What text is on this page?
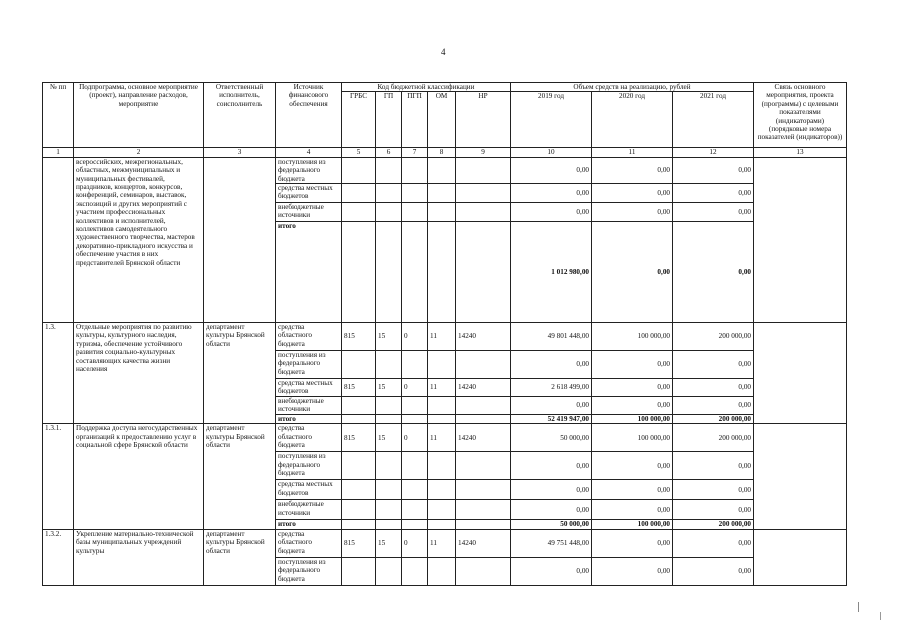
4
№ пп	Подпрограмма, основное мероприятие (проект), направление расходов, мероприятие	Ответственный исполнитель, соисполнитель	Источник финансового обеспечения	Код бюджетной классификации					Объем средств на реализацию, рублей			Связь основного мероприятия, проекта (программы) с целевыми показателями (индикаторами) (порядковые номера показателей (индикаторов))
				ГРБС	ГП	ПГП	ОМ	НР	2019 год	2020 год	2021 год	
1	2	3	4	5	6	7	8	9	10	11	12	13
	всероссийских, межрегиональных, областных, межмуниципальных и муниципальных фестивалей, праздников, концертов, конкурсов, конференций, семинаров, выставок, экспозиций и других мероприятий с участием профессиональных коллективов и исполнителей, коллективов самодеятельного художественного творчества, мастеров декоративно-прикладного искусства и обеспечение участия в них представителей Брянской области		поступления из федерального бюджета						0,00	0,00	0,00	
			средства местных бюджетов						0,00	0,00	0,00	
			внебюджетные источники						0,00	0,00	0,00	
			итого						1 012 980,00	0,00	0,00	
1.3.	Отдельные мероприятия по развитию культуры, культурного наследия, туризма, обеспечение устойчивого развития социально-культурных составляющих качества жизни населения	департамент культуры Брянской области	средства областного бюджета	815	15	0	11	14240	49 801 448,00	100 000,00	200 000,00	
			поступления из федерального бюджета						0,00	0,00	0,00	
			средства местных бюджетов	815	15	0	11	14240	2 618 499,00	0,00	0,00	
			внебюджетные источники						0,00	0,00	0,00	
			итого						52 419 947,00	100 000,00	200 000,00	
1.3.1.	Поддержка доступа негосударственных организаций к предоставлению услуг в социальной сфере Брянской области	департамент культуры Брянской области	средства областного бюджета	815	15	0	11	14240	50 000,00	100 000,00	200 000,00	
			поступления из федерального бюджета						0,00	0,00	0,00	
			средства местных бюджетов						0,00	0,00	0,00	
			внебюджетные источники						0,00	0,00	0,00	
			итого						50 000,00	100 000,00	200 000,00	
1.3.2.	Укрепление материально-технической базы муниципальных учреждений культуры	департамент культуры Брянской области	средства областного бюджета	815	15	0	11	14240	49 751 448,00	0,00	0,00	
			поступления из федерального бюджета						0,00	0,00	0,00	
